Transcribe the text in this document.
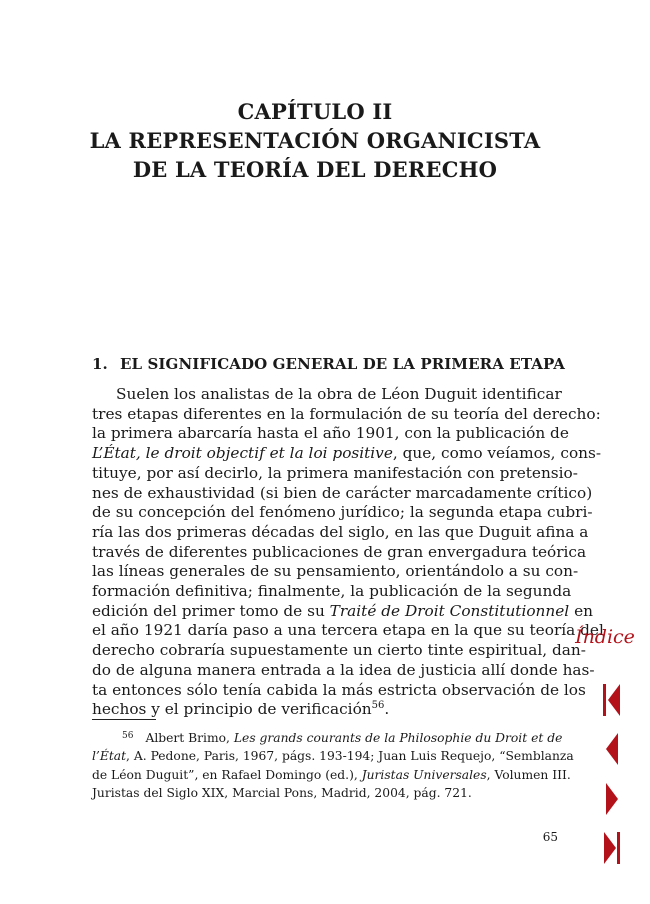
CAPÍTULO II
LA REPRESENTACIÓN ORGANICISTA
DE LA TEORÍA DEL DERECHO
1. EL SIGNIFICADO GENERAL DE LA PRIMERA ETAPA
Suelen los analistas de la obra de Léon Duguit identificar
tres etapas diferentes en la formulación de su teoría del derecho:
la primera abarcaría hasta el año 1901, con la publicación de
L’État, le droit objectif et la loi positive, que, como veíamos, cons-
tituye, por así decirlo, la primera manifestación con pretensio-
nes de exhaustividad (si bien de carácter marcadamente crítico)
de su concepción del fenómeno jurídico; la segunda etapa cubri-
ría las dos primeras décadas del siglo, en las que Duguit afina a
través de diferentes publicaciones de gran envergadura teórica
las líneas generales de su pensamiento, orientándolo a su con-
formación definitiva; finalmente, la publicación de la segunda
edición del primer tomo de su Traité de Droit Constitutionnel en
el año 1921 daría paso a una tercera etapa en la que su teoría del
derecho cobraría supuestamente un cierto tinte espiritual, dan-
do de alguna manera entrada a la idea de justicia allí donde has-
ta entonces sólo tenía cabida la más estricta observación de los
hechos y el principio de verificación$^{56}$.
$^{56}$ Albert Brimo, Les grands courants de la Philosophie du Droit et de
l’État, A. Pedone, Paris, 1967, págs. 193-194; Juan Luis Requejo, “Semblanza
de Léon Duguit”, en Rafael Domingo (ed.), Juristas Universales, Volumen III.
Juristas del Siglo XIX, Marcial Pons, Madrid, 2004, pág. 721.
65
Índice
